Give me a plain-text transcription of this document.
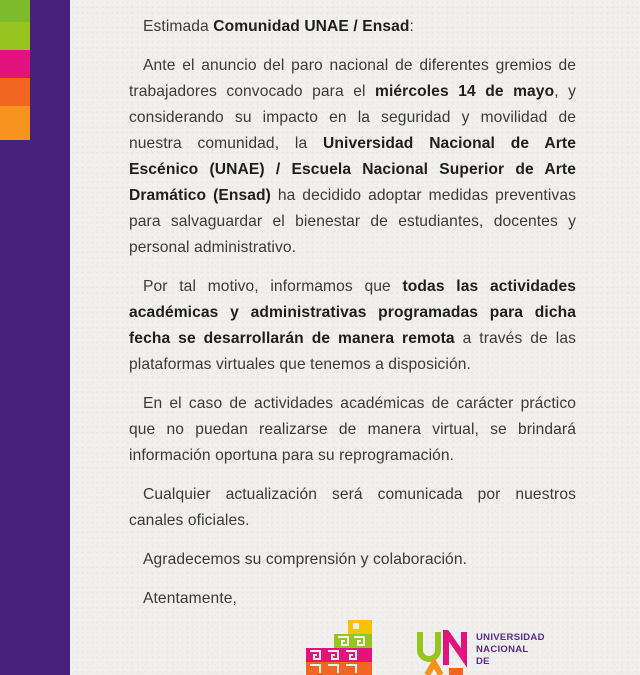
Estimada Comunidad UNAE / Ensad:

Ante el anuncio del paro nacional de diferentes gremios de trabajadores convocado para el miércoles 14 de mayo, y considerando su impacto en la seguridad y movilidad de nuestra comunidad, la Universidad Nacional de Arte Escénico (UNAE) / Escuela Nacional Superior de Arte Dramático (Ensad) ha decidido adoptar medidas preventivas para salvaguardar el bienestar de estudiantes, docentes y personal administrativo.

Por tal motivo, informamos que todas las actividades académicas y administrativas programadas para dicha fecha se desarrollarán de manera remota a través de las plataformas virtuales que tenemos a disposición.

En el caso de actividades académicas de carácter práctico que no puedan realizarse de manera virtual, se brindará información oportuna para su reprogramación.

Cualquier actualización será comunicada por nuestros canales oficiales.

Agradecemos su comprensión y colaboración.

Atentamente,

UNIVERSIDAD
NACIONAL
DE
